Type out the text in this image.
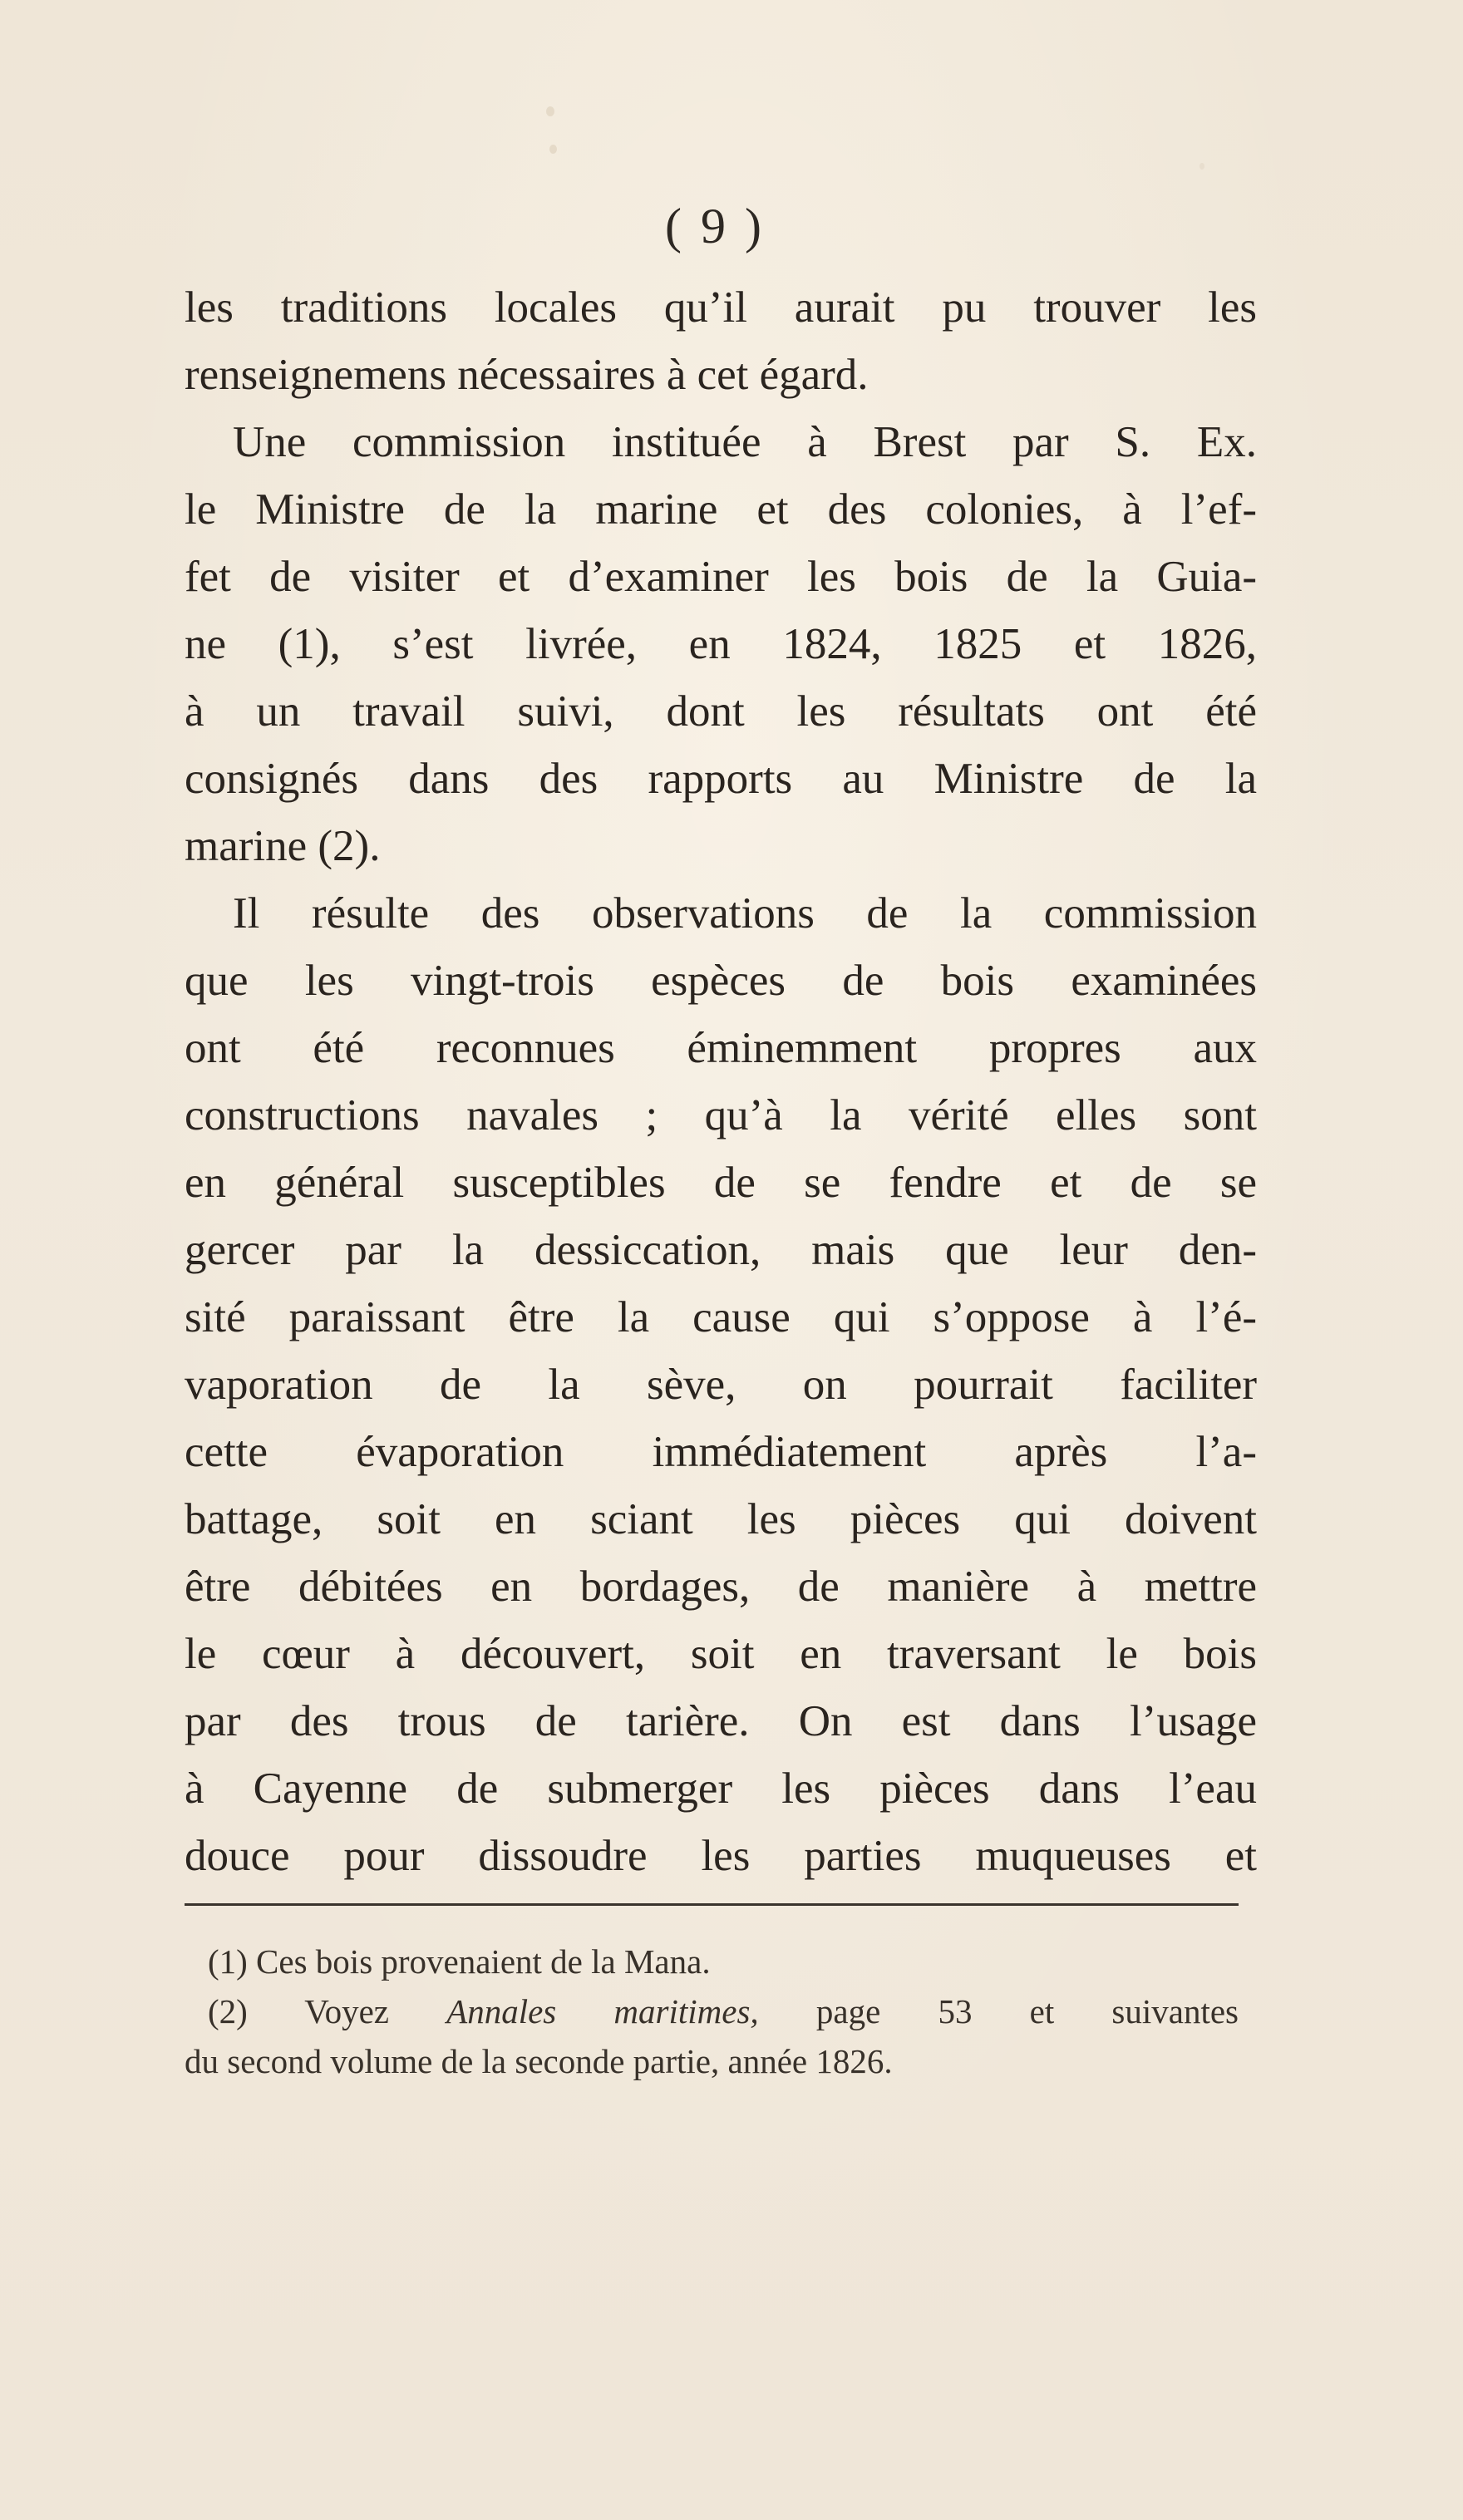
( 9 )
les traditions locales qu’il aurait pu trouver les
renseignemens nécessaires à cet égard.
Une commission instituée à Brest par S. Ex.
le Ministre de la marine et des colonies, à l’ef-
fet de visiter et d’examiner les bois de la Guia-
ne (1), s’est livrée, en 1824, 1825 et 1826,
à un travail suivi, dont les résultats ont été
consignés dans des rapports au Ministre de la
marine (2).
Il résulte des observations de la commission
que les vingt-trois espèces de bois examinées
ont été reconnues éminemment propres aux
constructions navales ; qu’à la vérité elles sont
en général susceptibles de se fendre et de se
gercer par la dessiccation, mais que leur den-
sité paraissant être la cause qui s’oppose à l’é-
vaporation de la sève, on pourrait faciliter
cette évaporation immédiatement après l’a-
battage, soit en sciant les pièces qui doivent
être débitées en bordages, de manière à mettre
le cœur à découvert, soit en traversant le bois
par des trous de tarière. On est dans l’usage
à Cayenne de submerger les pièces dans l’eau
douce pour dissoudre les parties muqueuses et
(1) Ces bois provenaient de la Mana.
(2) Voyez Annales maritimes, page 53 et suivantes
du second volume de la seconde partie, année 1826.
